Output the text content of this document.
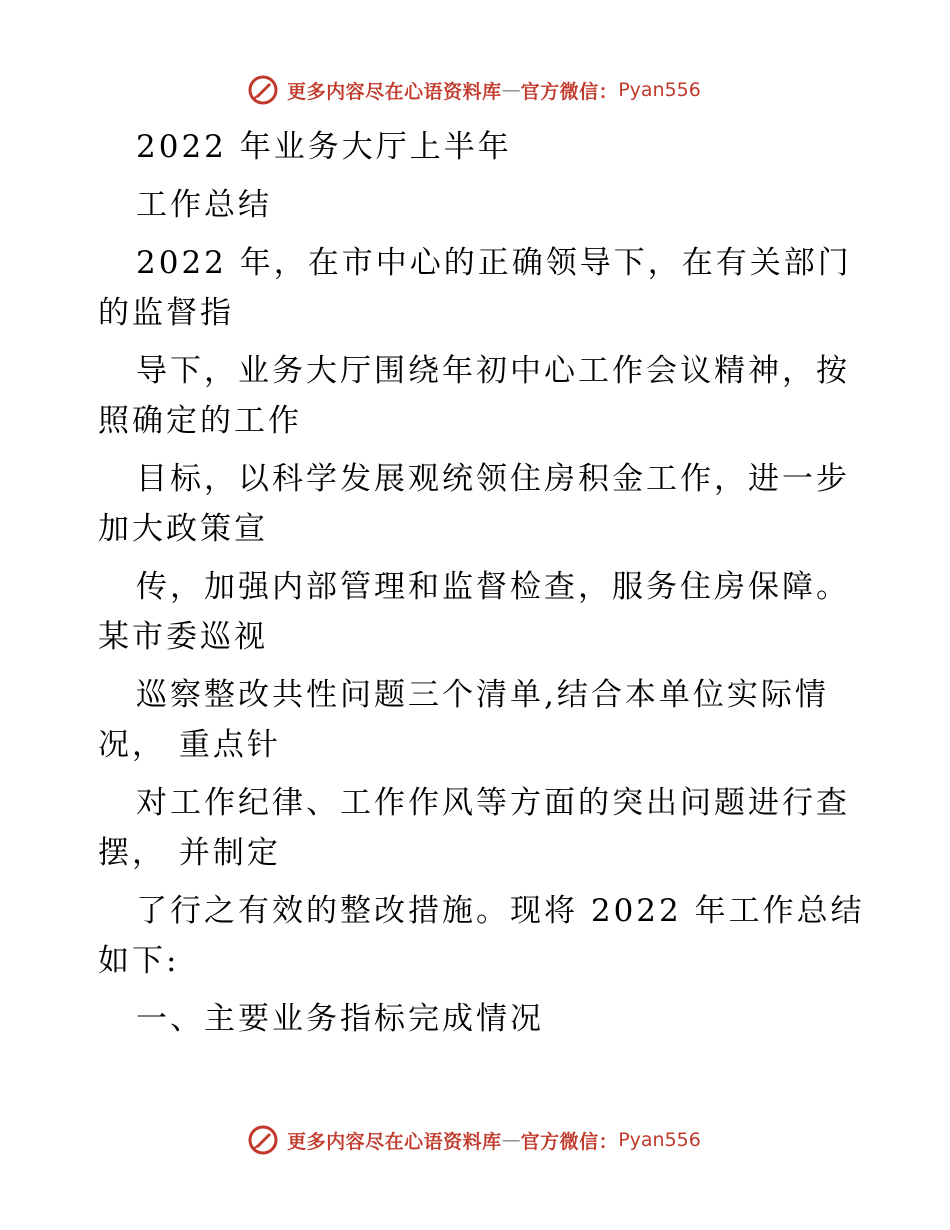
更多内容尽在心语资料库 — 官方微信： Pyan556
2022 年业务大厅上半年
工作总结
2022 年，在市中心的正确领导下，在有关部门
的监督指
导下，业务大厅围绕年初中心工作会议精神，按
照确定的工作
目标，以科学发展观统领住房积金工作，进一步
加大政策宣
传，加强内部管理和监督检查，服务住房保障。
某市委巡视
巡察整改共性问题三个清单,结合本单位实际情
况， 重点针
对工作纪律、工作作风等方面的突出问题进行查
摆， 并制定
了行之有效的整改措施。现将 2022 年工作总结
如下:
一、主要业务指标完成情况
更多内容尽在心语资料库 — 官方微信： Pyan556
